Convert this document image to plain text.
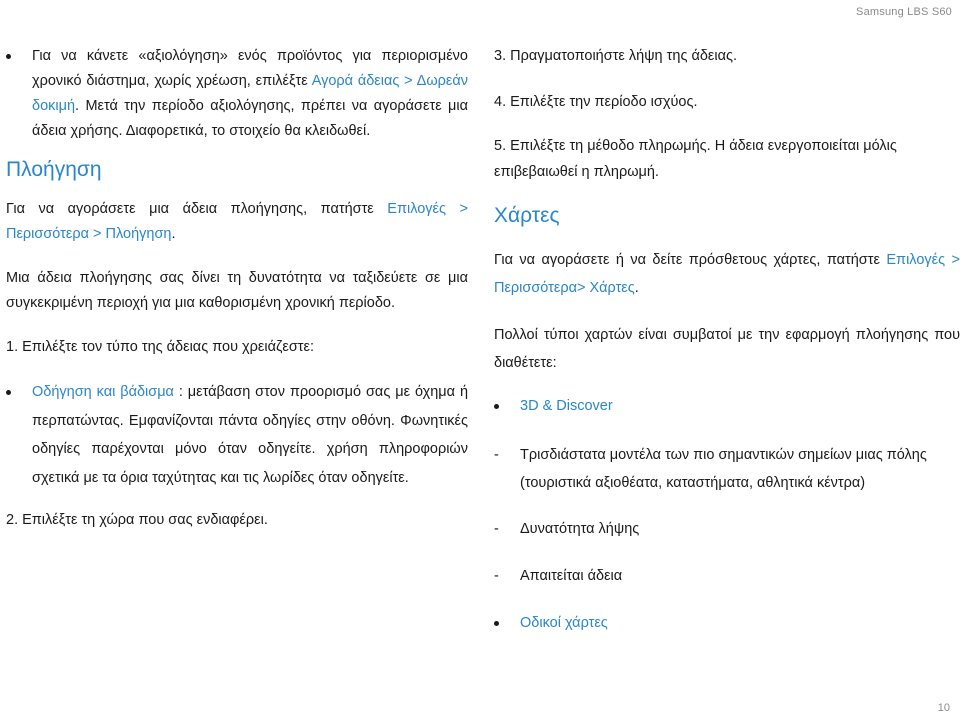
Samsung LBS S60
Για να κάνετε «αξιολόγηση» ενός προϊόντος για περιορισμένο χρονικό διάστημα, χωρίς χρέωση, επιλέξτε Αγορά άδειας > Δωρεάν δοκιμή. Μετά την περίοδο αξιολόγησης, πρέπει να αγοράσετε μια άδεια χρήσης. Διαφορετικά, το στοιχείο θα κλειδωθεί.
Πλοήγηση
Για να αγοράσετε μια άδεια πλοήγησης, πατήστε Επιλογές > Περισσότερα > Πλοήγηση.
Μια άδεια πλοήγησης σας δίνει τη δυνατότητα να ταξιδεύετε σε μια συγκεκριμένη περιοχή για μια καθορισμένη χρονική περίοδο.
1. Επιλέξτε τον τύπο της άδειας που χρειάζεστε:
Οδήγηση και βάδισμα : μετάβαση στον προορισμό σας με όχημα ή περπατώντας. Εμφανίζονται πάντα οδηγίες στην οθόνη. Φωνητικές οδηγίες παρέχονται μόνο όταν οδηγείτε. χρήση πληροφοριών σχετικά με τα όρια ταχύτητας και τις λωρίδες όταν οδηγείτε.
2. Επιλέξτε τη χώρα που σας ενδιαφέρει.
3. Πραγματοποιήστε λήψη της άδειας.
4. Επιλέξτε την περίοδο ισχύος.
5. Επιλέξτε τη μέθοδο πληρωμής. Η άδεια ενεργοποιείται μόλις επιβεβαιωθεί η πληρωμή.
Χάρτες
Για να αγοράσετε ή να δείτε πρόσθετους χάρτες, πατήστε Επιλογές > Περισσότερα> Χάρτες.
Πολλοί τύποι χαρτών είναι συμβατοί με την εφαρμογή πλοήγησης που διαθέτετε:
3D & Discover
- Τρισδιάστατα μοντέλα των πιο σημαντικών σημείων μιας πόλης (τουριστικά αξιοθέατα, καταστήματα, αθλητικά κέντρα)
- Δυνατότητα λήψης
- Απαιτείται άδεια
Οδικοί χάρτες
10
